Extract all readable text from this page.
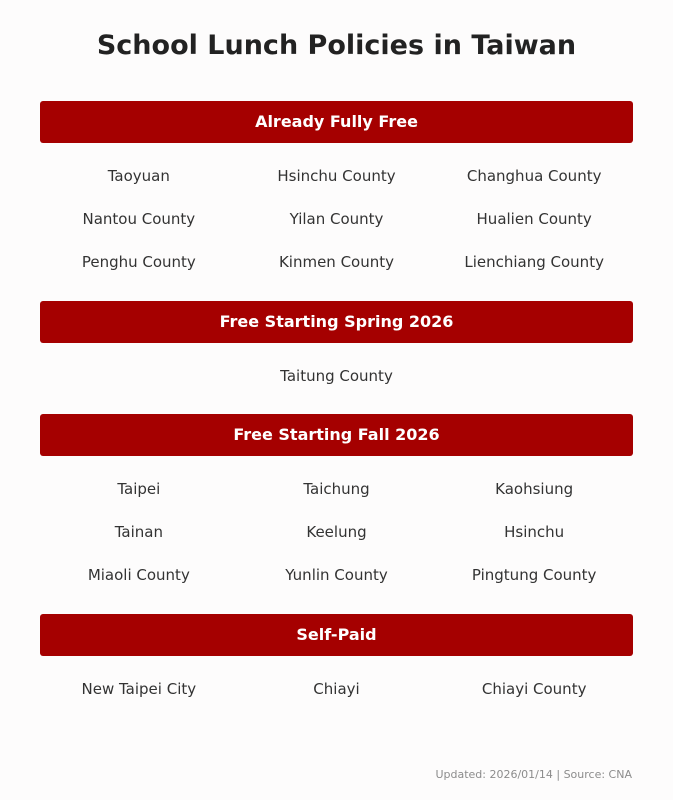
School Lunch Policies in Taiwan
Already Fully Free
Taoyuan	Hsinchu County	Changhua County
Nantou County	Yilan County	Hualien County
Penghu County	Kinmen County	Lienchiang County
Free Starting Spring 2026
Taitung County
Free Starting Fall 2026
Taipei	Taichung	Kaohsiung
Tainan	Keelung	Hsinchu
Miaoli County	Yunlin County	Pingtung County
Self-Paid
New Taipei City	Chiayi	Chiayi County
Updated: 2026/01/14 | Source: CNA
